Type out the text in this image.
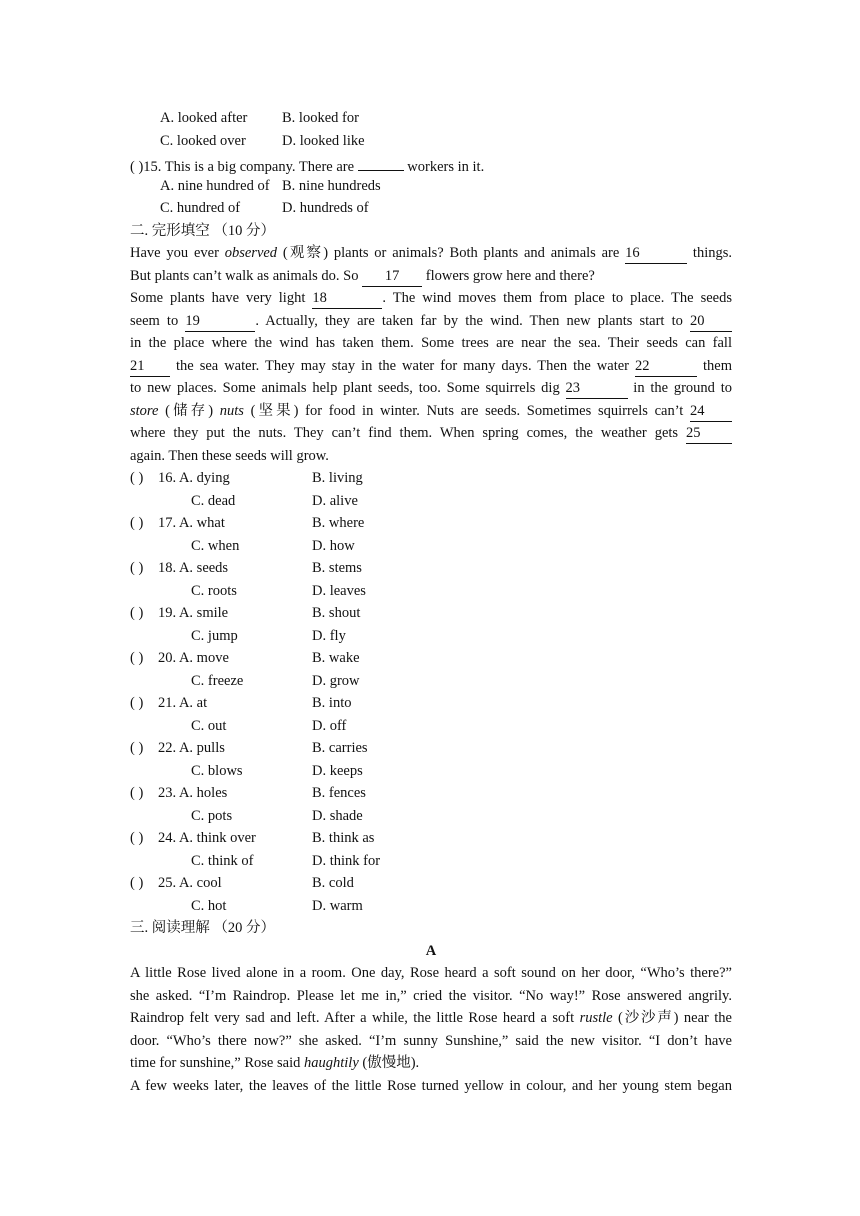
A. looked after B. looked for
C. looked over D. looked like
( )15. This is a big company. There are	workers in it.
A. nine hundred of B. nine hundreds
C. hundred of	D. hundreds of
二. 完形填空 （10 分）
Have you ever observed (观察) plants or animals? Both plants and animals are 16	things.
But plants can’t walk as animals do. So 17 flowers grow here and there?
Some plants have very light 18	. The wind moves them from place to place. The seeds
seem to 19	. Actually, they are taken far by the wind. Then new plants start to 20
in the place where the wind has taken them. Some trees are near the sea. Their seeds can fall
21 the sea water. They may stay in the water for many days. Then the water 22	them
to new places. Some animals help plant seeds, too. Some squirrels dig 23	in the ground to
store (储存) nuts (坚果) for food in winter. Nuts are seeds. Sometimes squirrels can’t 24
where they put the nuts. They can’t find them. When spring comes, the weather gets 25
again. Then these seeds will grow.
( ) 16. A. dying	B. living
C. dead	D. alive
( ) 17. A. what	B. where
C. when	D. how
( ) 18. A. seeds	B. stems
C. roots	D. leaves
( ) 19. A. smile	B. shout
C. jump	D. fly
( ) 20. A. move	B. wake
C. freeze	D. grow
( ) 21. A. at	B. into
C. out	D. off
( ) 22. A. pulls	B. carries
C. blows	D. keeps
( ) 23. A. holes	B. fences
C. pots	D. shade
( ) 24. A. think over	B. think as
C. think of	D. think for
( ) 25. A. cool	B. cold
C. hot	D. warm
三. 阅读理解 （20 分）
A
A little Rose lived alone in a room. One day, Rose heard a soft sound on her door, “Who’s there?”
she asked. “I’m Raindrop. Please let me in,” cried the visitor. “No way!” Rose answered angrily.
Raindrop felt very sad and left. After a while, the little Rose heard a soft rustle (沙沙声) near the
door. “Who’s there now?” she asked. “I’m sunny Sunshine,” said the new visitor. “I don’t have
time for sunshine,” Rose said haughtily (傲慢地).
A few weeks later, the leaves of the little Rose turned yellow in colour, and her young stem began
